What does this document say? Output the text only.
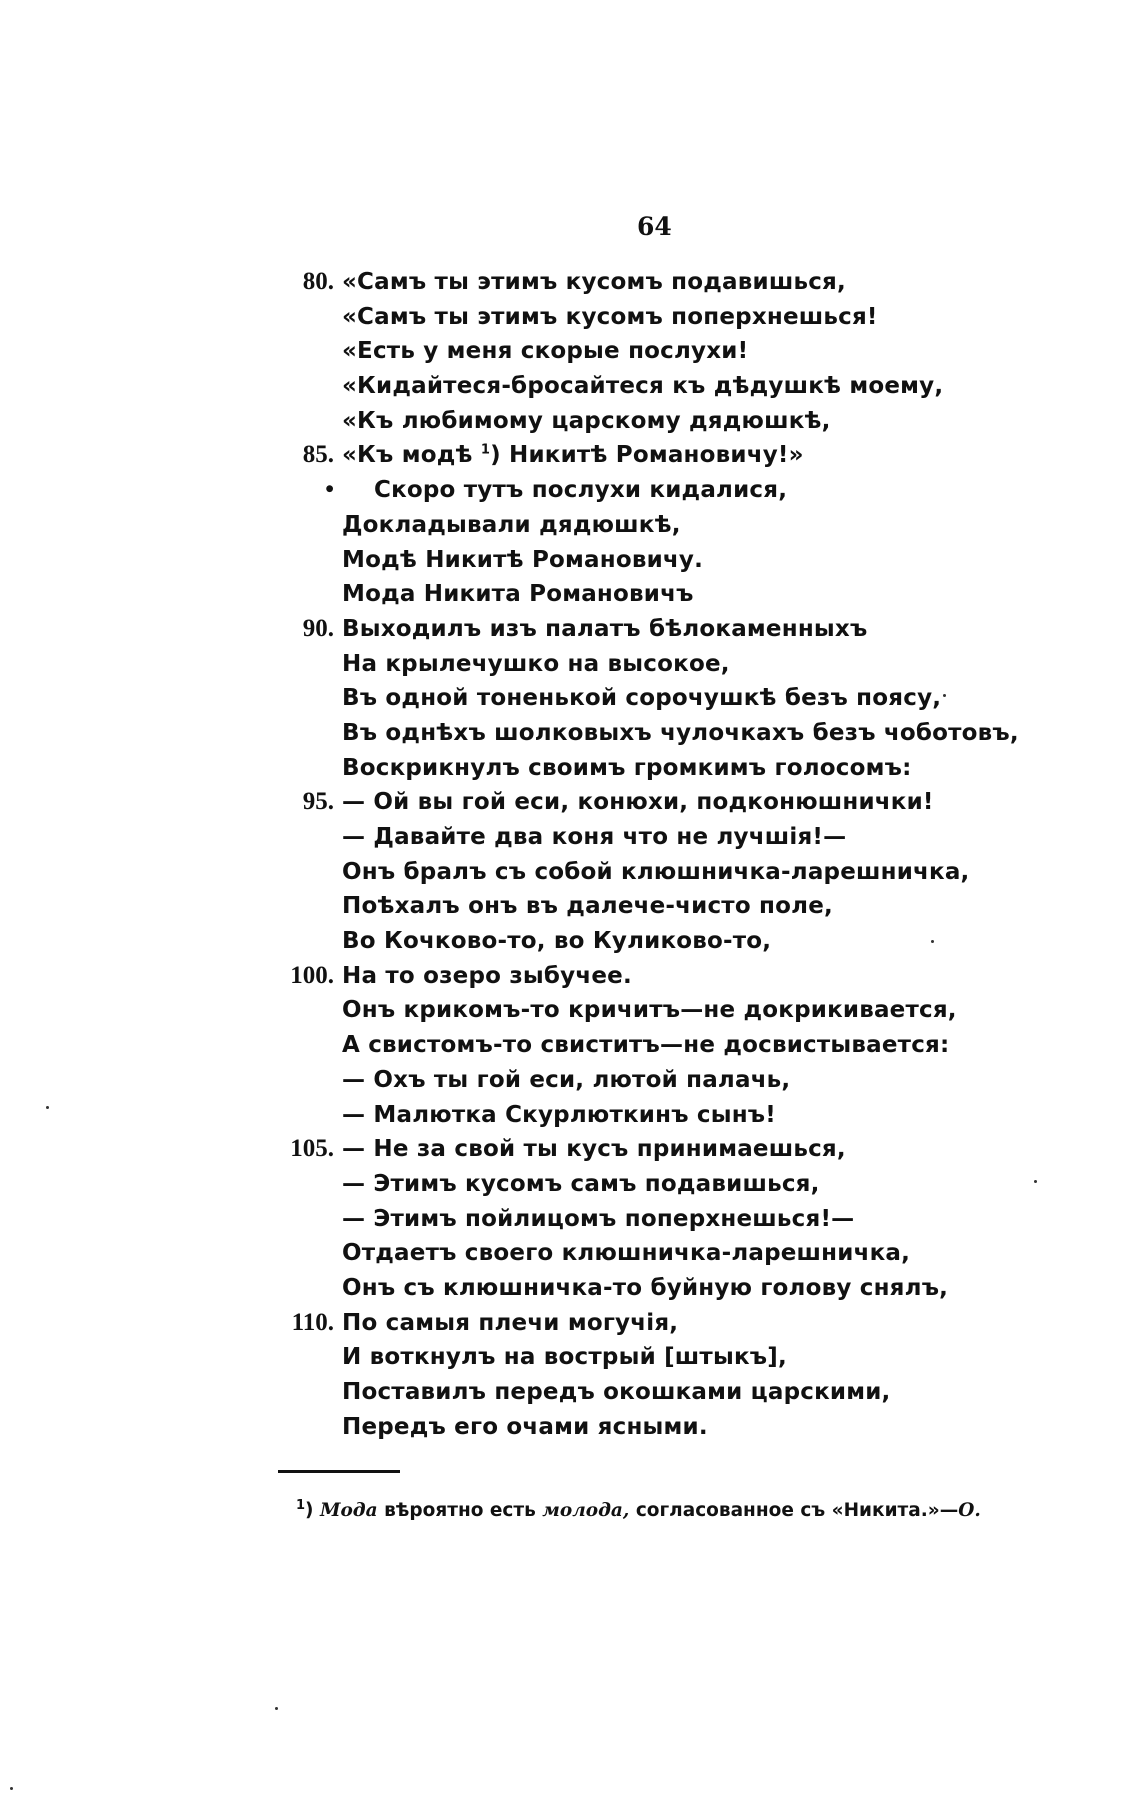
64
80. «Самъ ты этимъ кусомъ подавишься,
«Самъ ты этимъ кусомъ поперхнешься!
«Есть у меня скорые послухи!
«Кидайтеся-бросайтеся къ дѣдушкѣ моему,
«Къ любимому царскому дядюшкѣ,
85. «Къ модѣ $^1$) Никитѣ Романовичу!»
• Скоро тутъ послухи кидалися,
Докладывали дядюшкѣ,
Модѣ Никитѣ Романовичу.
Мода Никита Романовичъ
90. Выходилъ изъ палатъ бѣлокаменныхъ
На крылечушко на высокое,
Въ одной тоненькой сорочушкѣ безъ поясу,
Въ однѣхъ шолковыхъ чулочкахъ безъ чоботовъ,
Воскрикнулъ своимъ громкимъ голосомъ:
95. — Ой вы гой еси, конюхи, подконюшнички!
— Давайте два коня что не лучшія!—
Онъ бралъ съ собой клюшничка-ларешничка,
Поѣхалъ онъ въ далече-чисто поле,
Во Кочково-то, во Куликово-то,
100. На то озеро зыбучее.
Онъ крикомъ-то кричитъ—не докрикивается,
А свистомъ-то свиститъ—не досвистывается:
— Охъ ты гой еси, лютой палачь,
— Малютка Скурлюткинъ сынъ!
105. — Не за свой ты кусъ принимаешься,
— Этимъ кусомъ самъ подавишься,
— Этимъ пойлицомъ поперхнешься!—
Отдаетъ своего клюшничка-ларешничка,
Онъ съ клюшничка-то буйную голову снялъ,
110. По самыя плечи могучія,
И воткнулъ на вострый [штыкъ],
Поставилъ передъ окошками царскими,
Передъ его очами ясными.
$^1$) Мода вѣроятно есть молода, согласованное съ «Никита.»—О.
